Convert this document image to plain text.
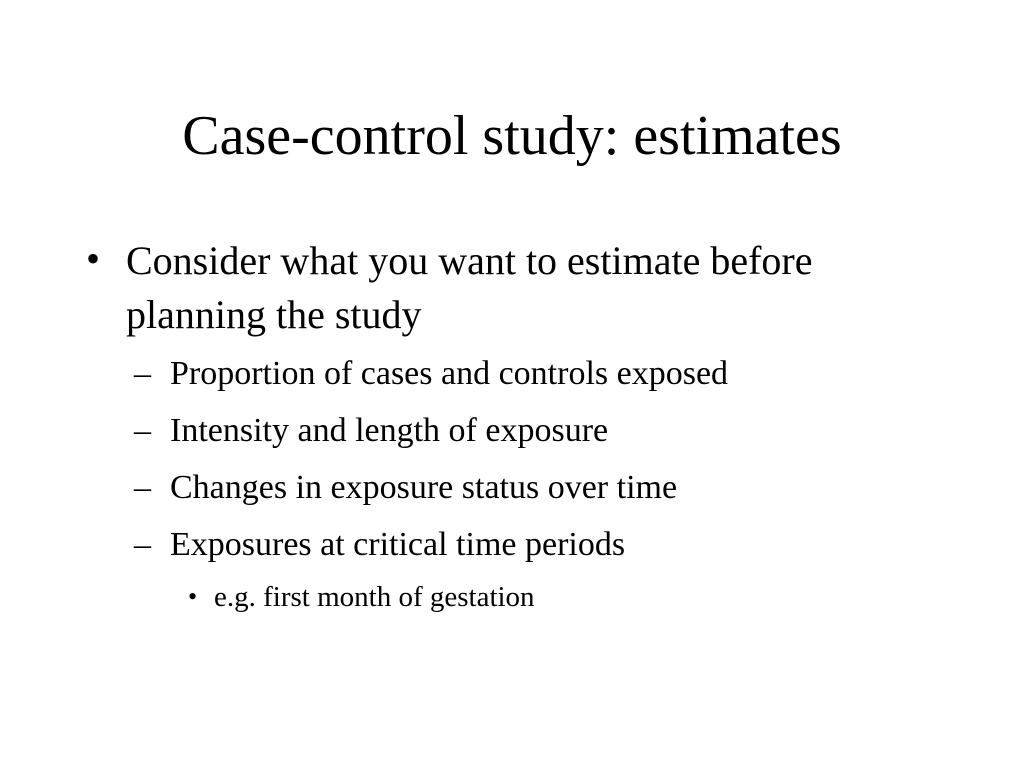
Case-control study: estimates
• Consider what you want to estimate before planning the study
– Proportion of cases and controls exposed
– Intensity and length of exposure
– Changes in exposure status over time
– Exposures at critical time periods
• e.g. first month of gestation
